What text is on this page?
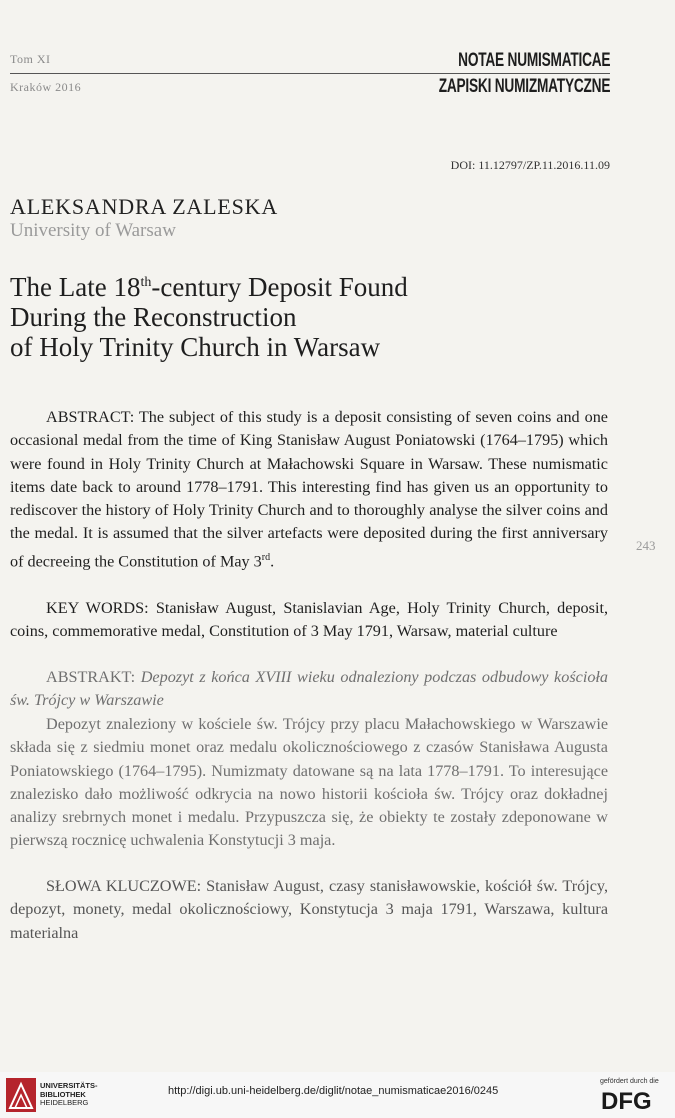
Tom XI
Kraków 2016
NOTAE NUMISMATICAE
ZAPISKI NUMIZMATYCZNE
DOI: 11.12797/ZP.11.2016.11.09
ALEKSANDRA ZALESKA
University of Warsaw
The Late 18th-century Deposit Found
During the Reconstruction
of Holy Trinity Church in Warsaw
243
ABSTRACT: The subject of this study is a deposit consisting of seven coins and one occasional medal from the time of King Stanisław August Poniatowski (1764–1795) which were found in Holy Trinity Church at Małachowski Square in Warsaw. These numismatic items date back to around 1778–1791. This interesting find has given us an opportunity to rediscover the history of Holy Trinity Church and to thoroughly analyse the silver coins and the medal. It is assumed that the silver artefacts were deposited during the first anniversary of decreeing the Constitution of May 3rd.
KEY WORDS: Stanisław August, Stanislavian Age, Holy Trinity Church, deposit, coins, commemorative medal, Constitution of 3 May 1791, Warsaw, material culture
ABSTRAKT: Depozyt z końca XVIII wieku odnaleziony podczas odbudowy kościoła św. Trójcy w Warszawie
Depozyt znaleziony w kościele św. Trójcy przy placu Małachowskiego w Warszawie składa się z siedmiu monet oraz medalu okolicznościowego z czasów Stanisława Augusta Poniatowskiego (1764–1795). Numizmaty datowane są na lata 1778–1791. To interesujące znalezisko dało możliwość odkrycia na nowo historii kościoła św. Trójcy oraz dokładnej analizy srebrnych monet i medalu. Przypuszcza się, że obiekty te zostały zdeponowane w pierwszą rocznicę uchwalenia Konstytucji 3 maja.
SŁOWA KLUCZOWE: Stanisław August, czasy stanisławowskie, kościół św. Trójcy, depozyt, monety, medal okolicznościowy, Konstytucja 3 maja 1791, Warszawa, kultura materialna
UNIVERSITÄTS-
BIBLIOTHEK
HEIDELBERG
http://digi.ub.uni-heidelberg.de/diglit/notae_numismaticae2016/0245
gefördert durch die
DFG
